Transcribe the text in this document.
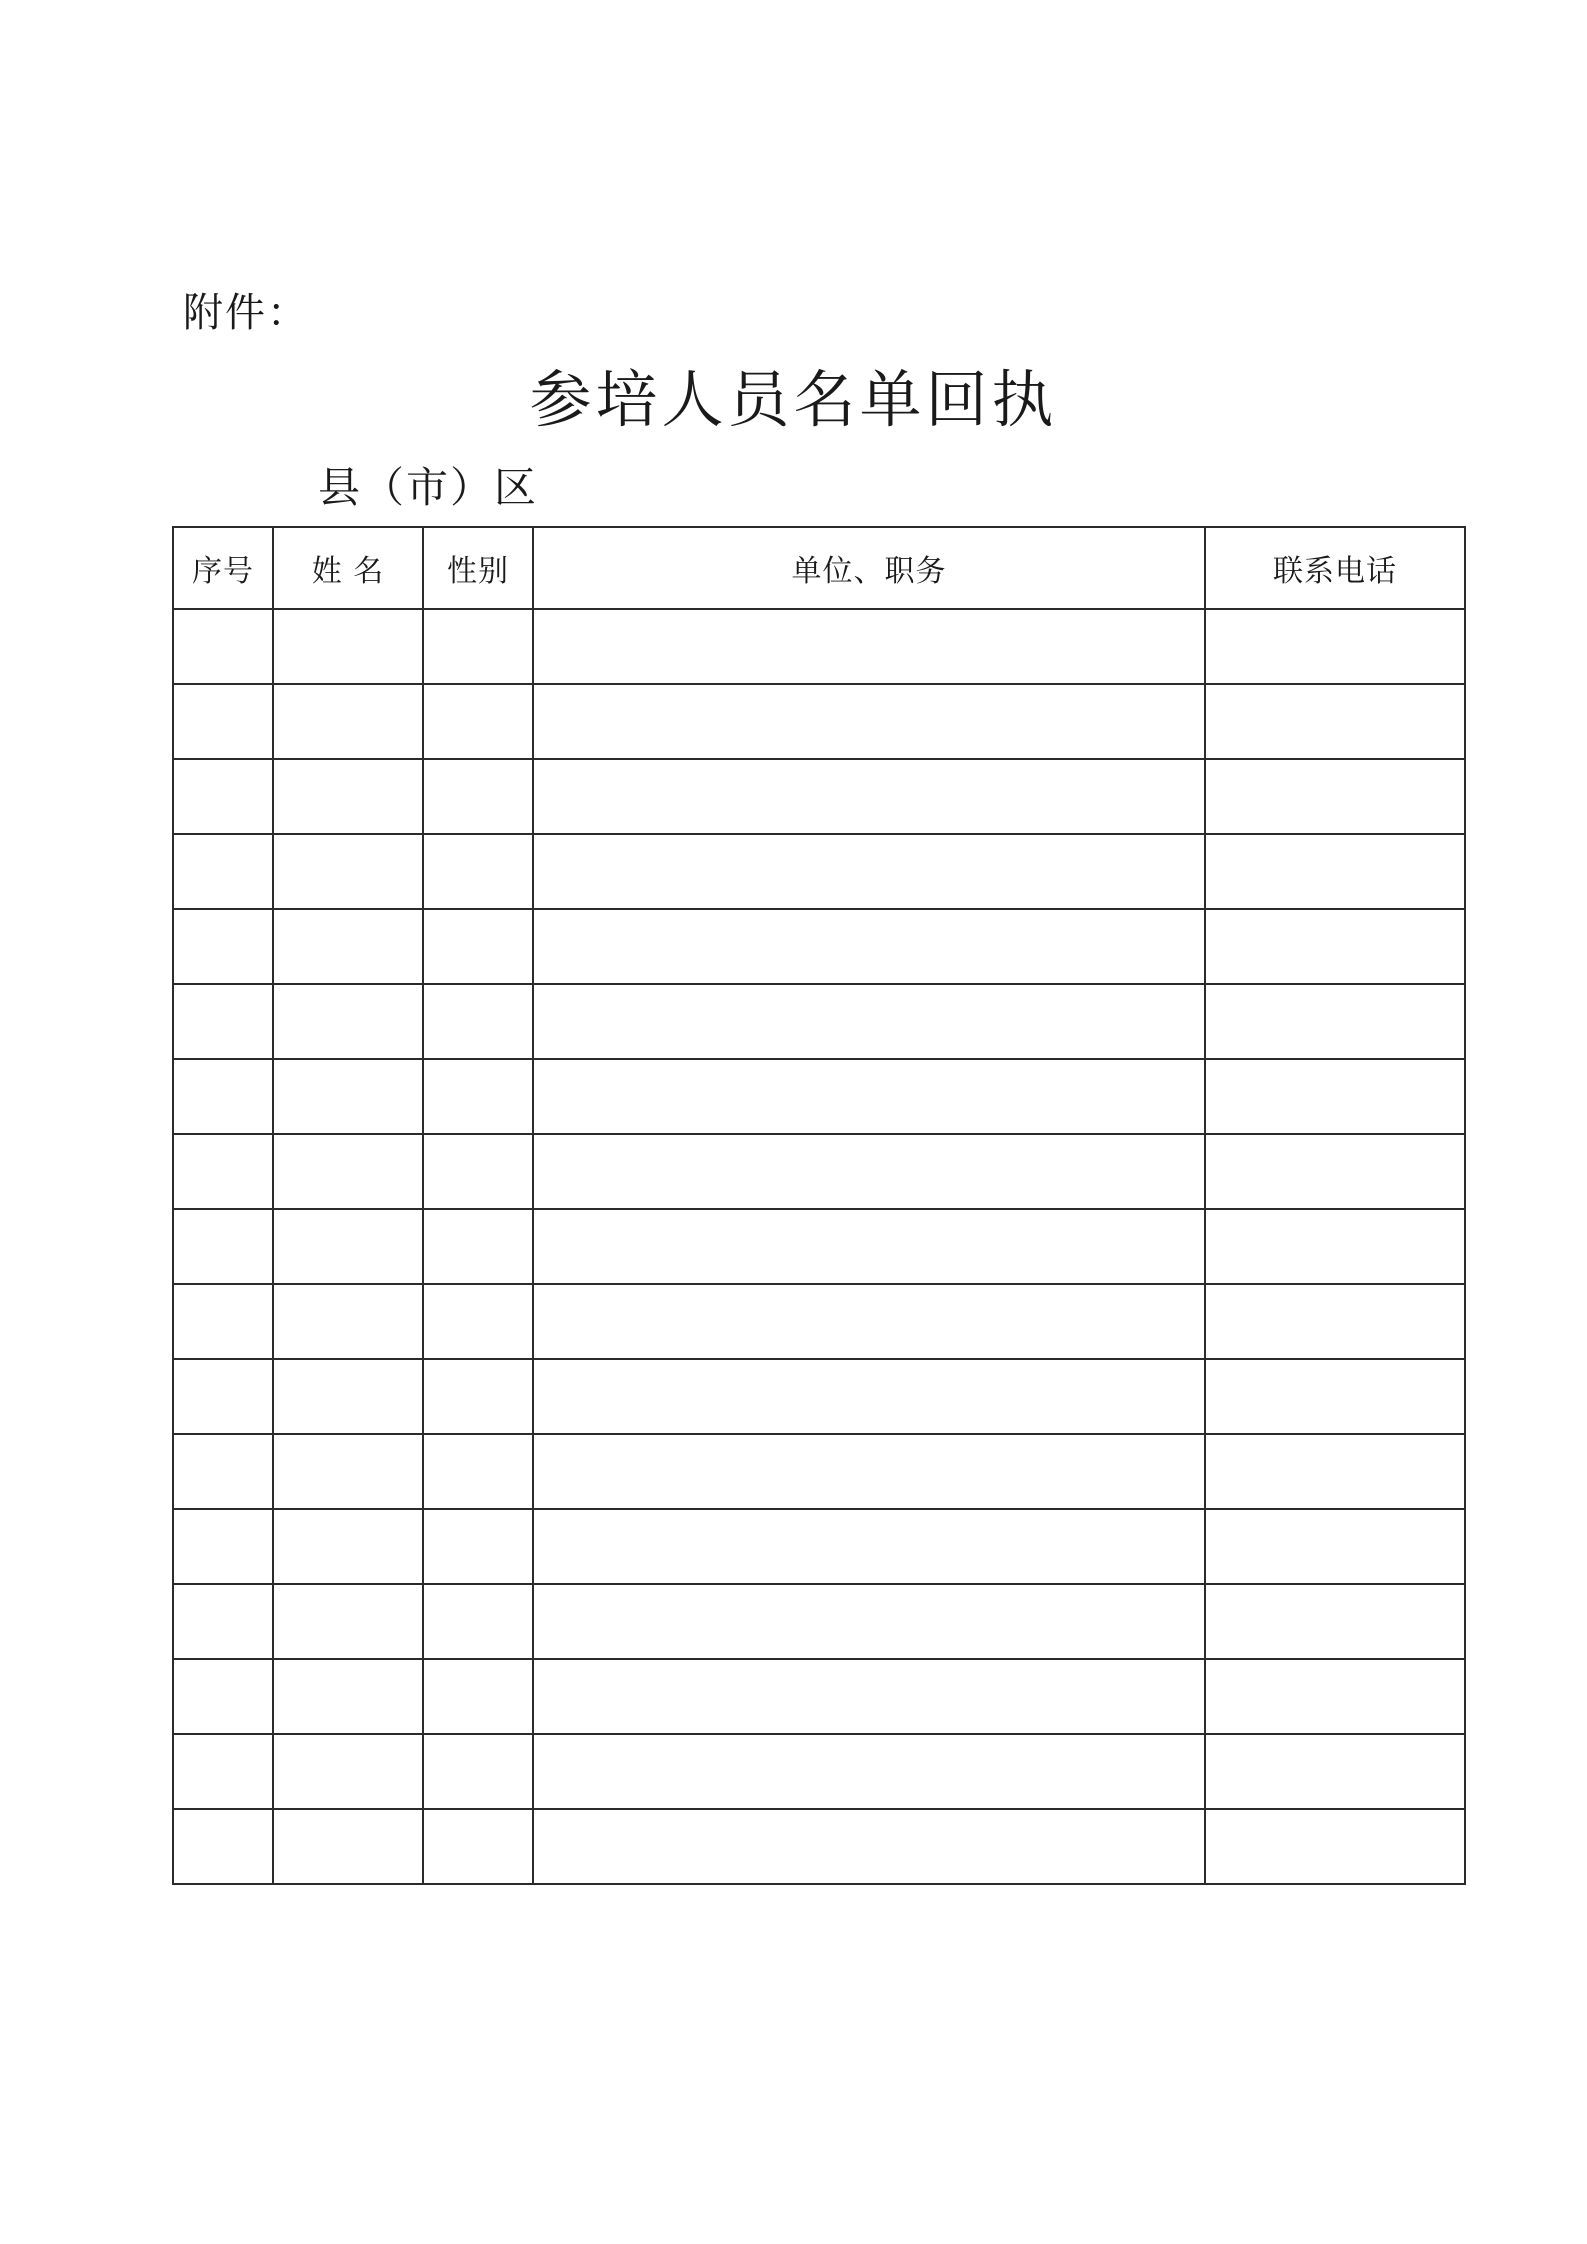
附件：
参培人员名单回执
县（市）区
序号	姓 名	性别	单位、职务	联系电话
